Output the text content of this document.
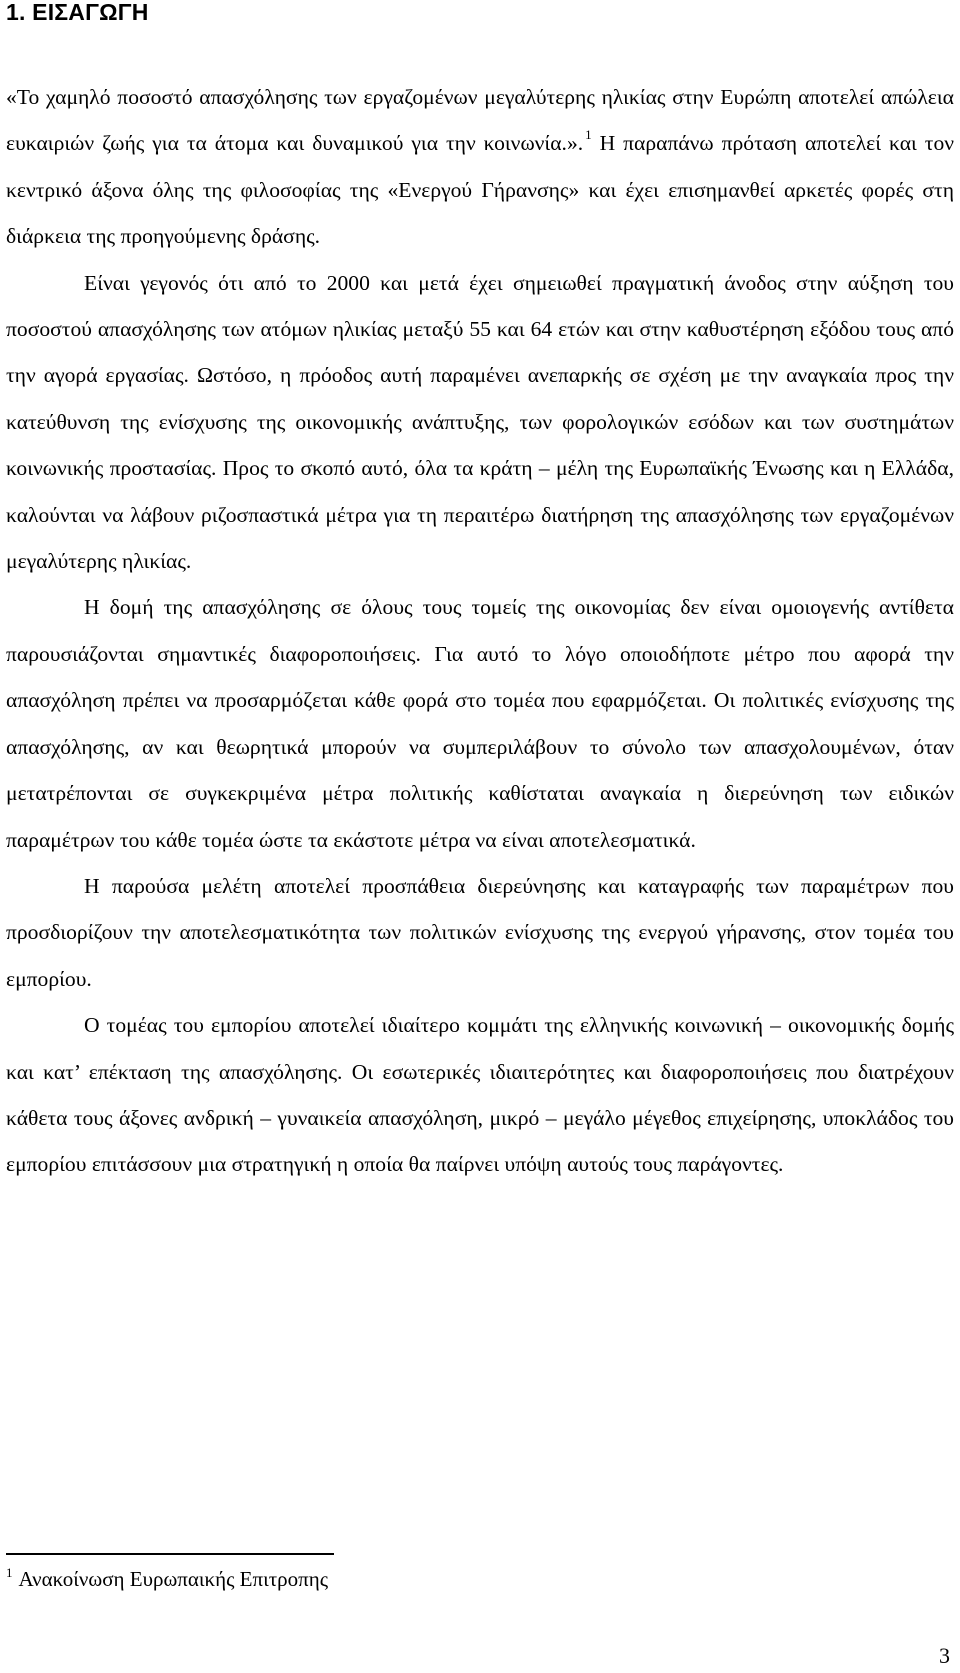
1. ΕΙΣΑΓΩΓΗ

«Το χαμηλό ποσοστό απασχόλησης των εργαζομένων μεγαλύτερης ηλικίας στην Ευρώπη αποτελεί απώλεια ευκαιριών ζωής για τα άτομα και δυναμικού για την κοινωνία.». $^1$ Η παραπάνω πρόταση αποτελεί και τον κεντρικό άξονα όλης της φιλοσοφίας της «Ενεργού Γήρανσης» και έχει επισημανθεί αρκετές φορές στη διάρκεια της προηγούμενης δράσης.

Είναι γεγονός ότι από το 2000 και μετά έχει σημειωθεί πραγματική άνοδος στην αύξηση του ποσοστού απασχόλησης των ατόμων ηλικίας μεταξύ 55 και 64 ετών και στην καθυστέρηση εξόδου τους από την αγορά εργασίας. Ωστόσο, η πρόοδος αυτή παραμένει ανεπαρκής σε σχέση με την αναγκαία προς την κατεύθυνση της ενίσχυσης της οικονομικής ανάπτυξης, των φορολογικών εσόδων και των συστημάτων κοινωνικής προστασίας. Προς το σκοπό αυτό, όλα τα κράτη – μέλη της Ευρωπαϊκής Ένωσης και η Ελλάδα, καλούνται να λάβουν ριζοσπαστικά μέτρα για τη περαιτέρω διατήρηση της απασχόλησης των εργαζομένων μεγαλύτερης ηλικίας.

Η δομή της απασχόλησης σε όλους τους τομείς της οικονομίας δεν είναι ομοιογενής αντίθετα παρουσιάζονται σημαντικές διαφοροποιήσεις. Για αυτό το λόγο οποιοδήποτε μέτρο που αφορά την απασχόληση πρέπει να προσαρμόζεται κάθε φορά στο τομέα που εφαρμόζεται. Οι πολιτικές ενίσχυσης της απασχόλησης, αν και θεωρητικά μπορούν να συμπεριλάβουν το σύνολο των απασχολουμένων, όταν μετατρέπονται σε συγκεκριμένα μέτρα πολιτικής καθίσταται αναγκαία η διερεύνηση των ειδικών παραμέτρων του κάθε τομέα ώστε τα εκάστοτε μέτρα να είναι αποτελεσματικά.

Η παρούσα μελέτη αποτελεί προσπάθεια διερεύνησης και καταγραφής των παραμέτρων που προσδιορίζουν την αποτελεσματικότητα των πολιτικών ενίσχυσης της ενεργού γήρανσης, στον τομέα του εμπορίου.

Ο τομέας του εμπορίου αποτελεί ιδιαίτερο κομμάτι της ελληνικής κοινωνική – οικονομικής δομής και κατ’ επέκταση της απασχόλησης. Οι εσωτερικές ιδιαιτερότητες και διαφοροποιήσεις που διατρέχουν κάθετα τους άξονες ανδρική – γυναικεία απασχόληση, μικρό – μεγάλο μέγεθος επιχείρησης, υποκλάδος του εμπορίου επιτάσσουν μια στρατηγική η οποία θα παίρνει υπόψη αυτούς τους παράγοντες.

$^1$ Ανακοίνωση Ευρωπαικής Επιτροπης

3
